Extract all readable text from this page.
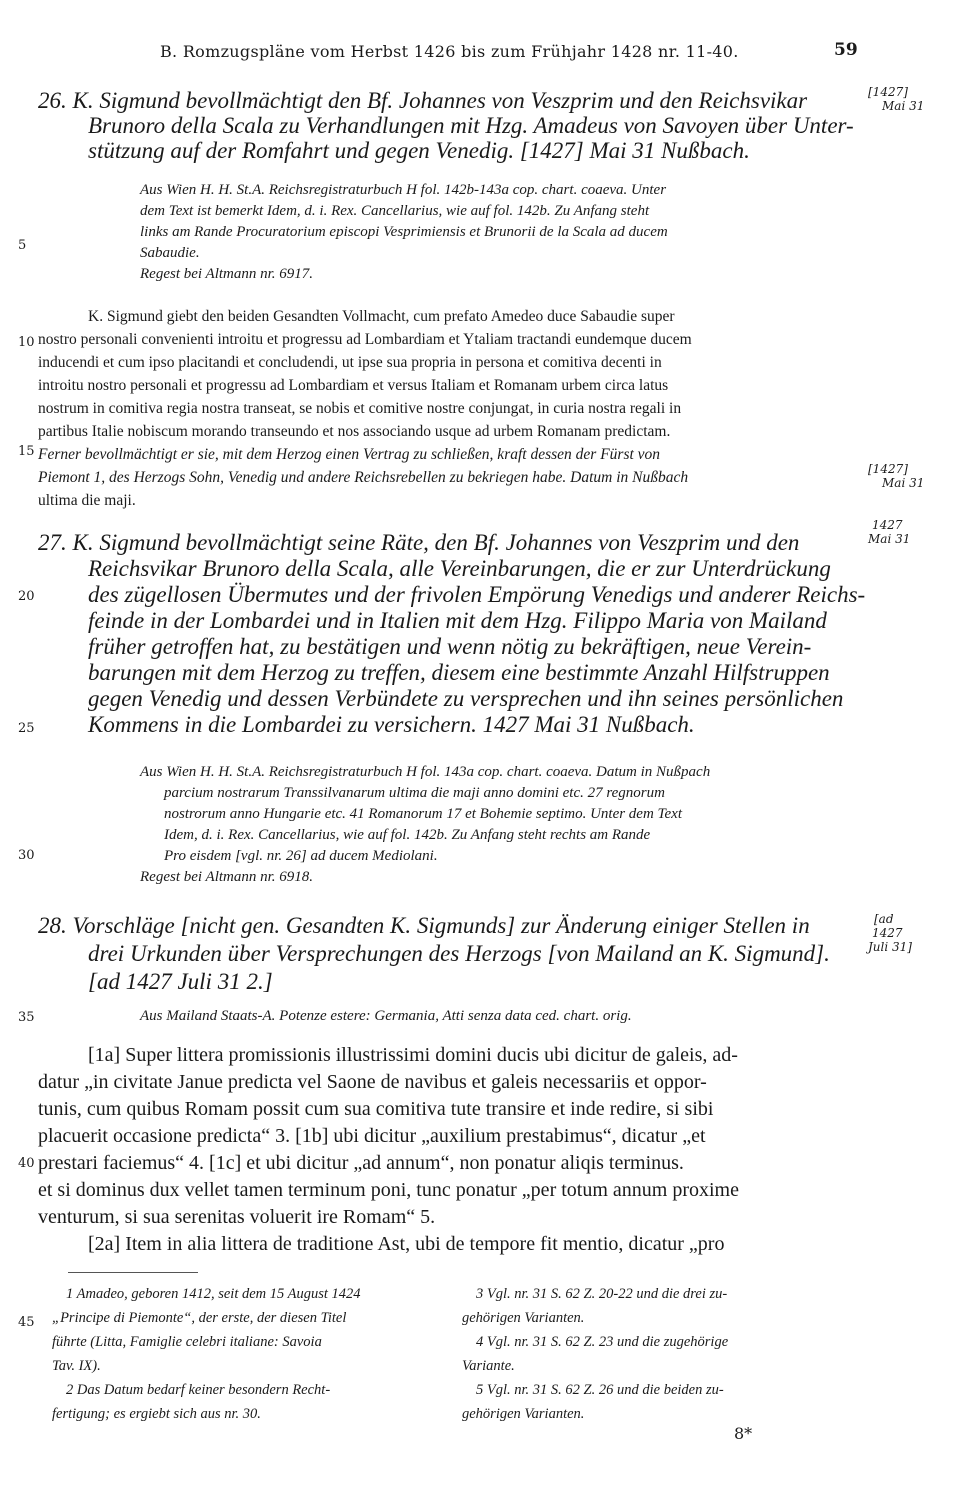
B. Romzugspläne vom Herbst 1426 bis zum Frühjahr 1428 nr. 11-40.	59
5
10
15
20
25
30
35
40
45
26. K. Sigmund bevollmächtigt den Bf. Johannes von Veszprim und den Reichsvikar
Brunoro della Scala zu Verhandlungen mit Hzg. Amadeus von Savoyen über Unter-
stützung auf der Romfahrt und gegen Venedig. [1427] Mai 31 Nußbach.
[1427]
Mai 31
Aus Wien H. H. St.A. Reichsregistraturbuch H fol. 142b-143a cop. chart. coaeva. Unter
dem Text ist bemerkt Idem, d. i. Rex. Cancellarius, wie auf fol. 142b. Zu Anfang steht
links am Rande Procuratorium episcopi Vesprimiensis et Brunorii de la Scala ad ducem
Sabaudie.
Regest bei Altmann nr. 6917.
K. Sigmund giebt den beiden Gesandten Vollmacht, cum prefato Amedeo duce Sabaudie super
nostro personali convenienti introitu et progressu ad Lombardiam et Ytaliam tractandi eundemque ducem
inducendi et cum ipso placitandi et concludendi, ut ipse sua propria in persona et comitiva decenti in
introitu nostro personali et progressu ad Lombardiam et versus Italiam et Romanam urbem circa latus
nostrum in comitiva regia nostra transeat, se nobis et comitive nostre conjungat, in curia nostra regali in
partibus Italie nobiscum morando transeundo et nos associando usque ad urbem Romanam predictam.
Ferner bevollmächtigt er sie, mit dem Herzog einen Vertrag zu schließen, kraft dessen der Fürst von
Piemont 1, des Herzogs Sohn, Venedig und andere Reichsrebellen zu bekriegen habe. Datum in Nußbach
ultima die maji.
[1427]
Mai 31
27. K. Sigmund bevollmächtigt seine Räte, den Bf. Johannes von Veszprim und den
Reichsvikar Brunoro della Scala, alle Vereinbarungen, die er zur Unterdrückung
des zügellosen Übermutes und der frivolen Empörung Venedigs und anderer Reichs-
feinde in der Lombardei und in Italien mit dem Hzg. Filippo Maria von Mailand
früher getroffen hat, zu bestätigen und wenn nötig zu bekräftigen, neue Verein-
barungen mit dem Herzog zu treffen, diesem eine bestimmte Anzahl Hilfstruppen
gegen Venedig und dessen Verbündete zu versprechen und ihn seines persönlichen
Kommens in die Lombardei zu versichern. 1427 Mai 31 Nußbach.
1427
Mai 31
Aus Wien H. H. St.A. Reichsregistraturbuch H fol. 143a cop. chart. coaeva. Datum in Nußpach
parcium nostrarum Transsilvanarum ultima die maji anno domini etc. 27 regnorum
nostrorum anno Hungarie etc. 41 Romanorum 17 et Bohemie septimo. Unter dem Text
Idem, d. i. Rex. Cancellarius, wie auf fol. 142b. Zu Anfang steht rechts am Rande
Pro eisdem [vgl. nr. 26] ad ducem Mediolani.
Regest bei Altmann nr. 6918.
28. Vorschläge [nicht gen. Gesandten K. Sigmunds] zur Änderung einiger Stellen in
drei Urkunden über Versprechungen des Herzogs [von Mailand an K. Sigmund].
[ad 1427 Juli 31 2.]
[ad
1427
Juli 31]
Aus Mailand Staats-A. Potenze estere: Germania, Atti senza data ced. chart. orig.
[1a] Super littera promissionis illustrissimi domini ducis ubi dicitur de galeis, ad-
datur „in civitate Janue predicta vel Saone de navibus et galeis necessariis et oppor-
tunis, cum quibus Romam possit cum sua comitiva tute transire et inde redire, si sibi
placuerit occasione predicta“ 3. [1b] ubi dicitur „auxilium prestabimus“, dicatur „et
prestari faciemus“ 4. [1c] et ubi dicitur „ad annum“, non ponatur aliqis terminus.
et si dominus dux vellet tamen terminum poni, tunc ponatur „per totum annum proxime
venturum, si sua serenitas voluerit ire Romam“ 5.
[2a] Item in alia littera de traditione Ast, ubi de tempore fit mentio, dicatur „pro
1 Amadeo, geboren 1412, seit dem 15 August 1424
„Principe di Piemonte“, der erste, der diesen Titel
führte (Litta, Famiglie celebri italiane: Savoia
Tav. IX).
2 Das Datum bedarf keiner besondern Recht-
fertigung; es ergiebt sich aus nr. 30.
3 Vgl. nr. 31 S. 62 Z. 20-22 und die drei zu-
gehörigen Varianten.
4 Vgl. nr. 31 S. 62 Z. 23 und die zugehörige
Variante.
5 Vgl. nr. 31 S. 62 Z. 26 und die beiden zu-
gehörigen Varianten.
8*
